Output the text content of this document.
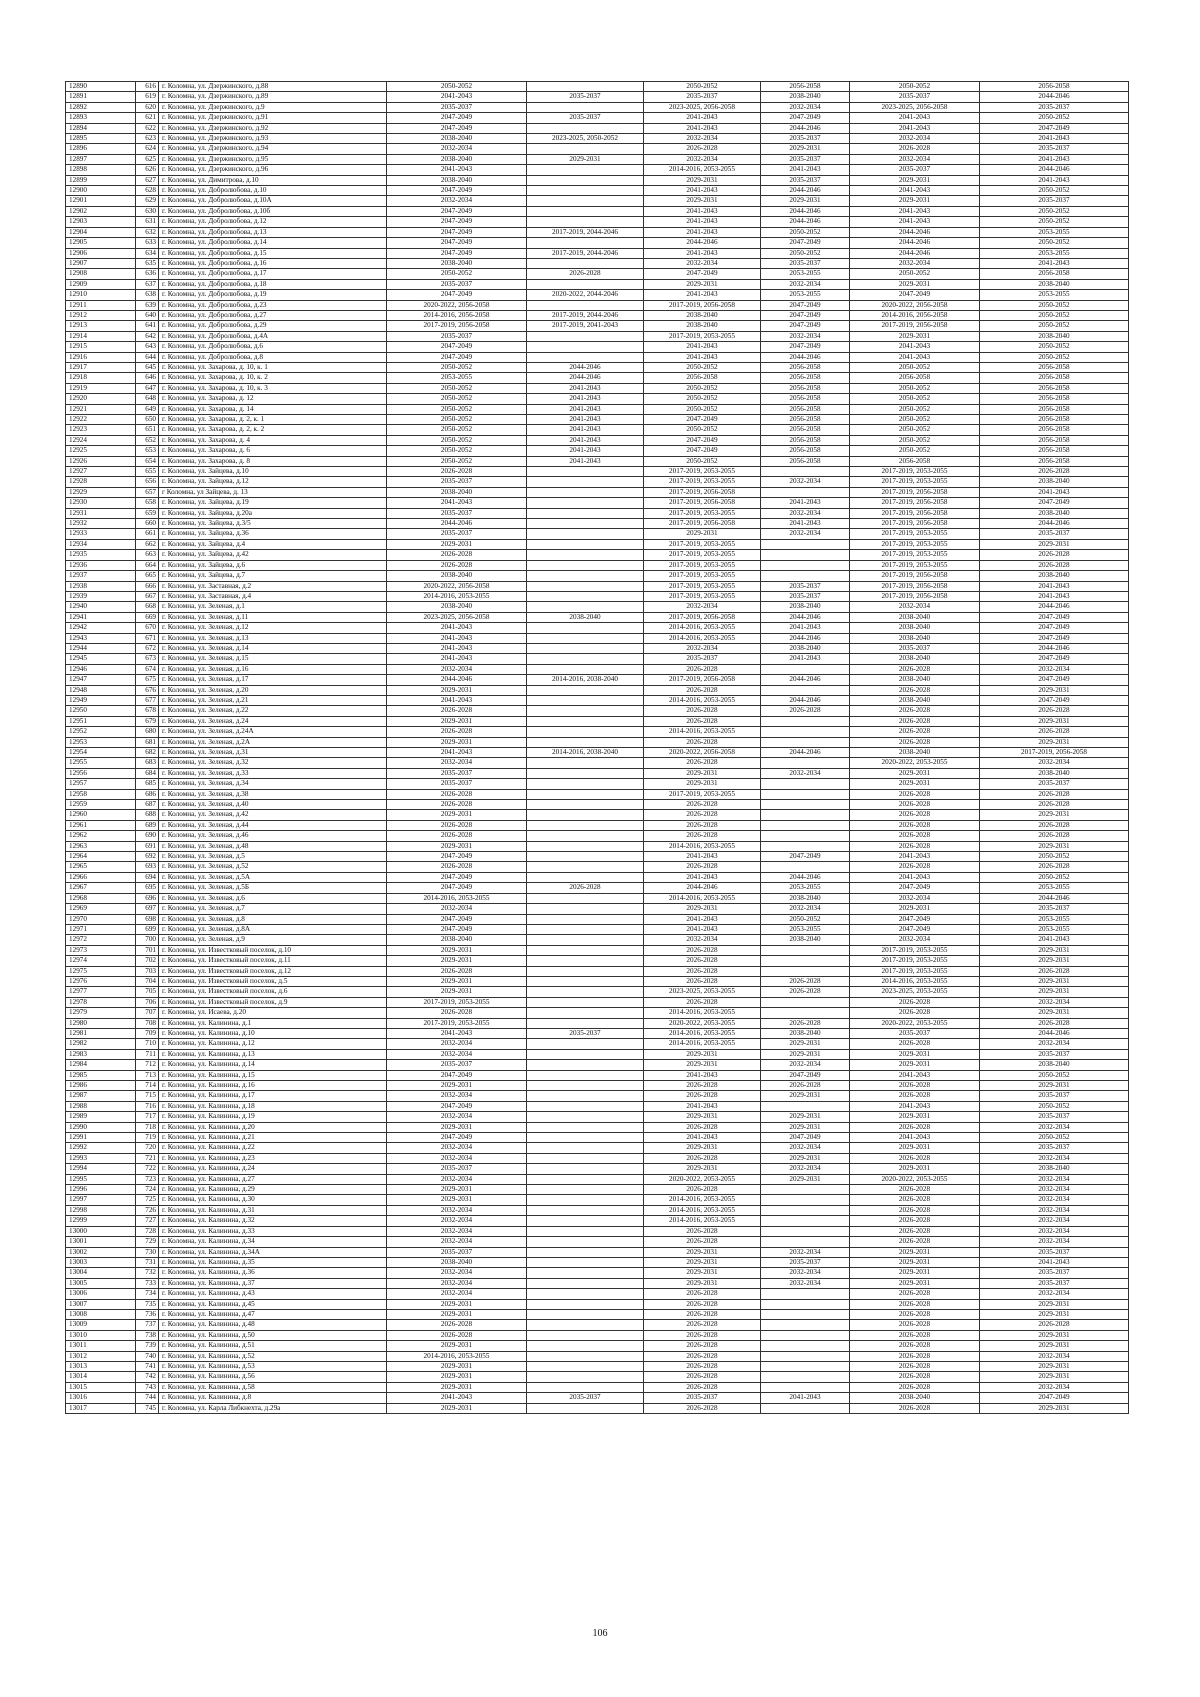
12890	616	г. Коломна, ул. Дзержинского, д.88	2050-2052		2050-2052	2056-2058	2050-2052	2056-2058
12891	619	г. Коломна, ул. Дзержинского, д.89	2041-2043	2035-2037	2035-2037	2038-2040	2035-2037	2044-2046
12892	620	г. Коломна, ул. Дзержинского, д.9	2035-2037		2023-2025, 2056-2058	2032-2034	2023-2025, 2056-2058	2035-2037
12893	621	г. Коломна, ул. Дзержинского, д.91	2047-2049	2035-2037	2041-2043	2047-2049	2041-2043	2050-2052
12894	622	г. Коломна, ул. Дзержинского, д.92	2047-2049		2041-2043	2044-2046	2041-2043	2047-2049
12895	623	г. Коломна, ул. Дзержинского, д.93	2038-2040	2023-2025, 2050-2052	2032-2034	2035-2037	2032-2034	2041-2043
12896	624	г. Коломна, ул. Дзержинского, д.94	2032-2034		2026-2028	2029-2031	2026-2028	2035-2037
12897	625	г. Коломна, ул. Дзержинского, д.95	2038-2040	2029-2031	2032-2034	2035-2037	2032-2034	2041-2043
12898	626	г. Коломна, ул. Дзержинского, д.96	2041-2043		2014-2016, 2053-2055	2041-2043	2035-2037	2044-2046
12899	627	г. Коломна, ул. Димитрова, д.10	2038-2040		2029-2031	2035-2037	2029-2031	2041-2043
12900	628	г. Коломна, ул. Добролюбова, д.10	2047-2049		2041-2043	2044-2046	2041-2043	2050-2052
12901	629	г. Коломна, ул. Добролюбова, д.10А	2032-2034		2029-2031	2029-2031	2029-2031	2035-2037
12902	630	г. Коломна, ул. Добролюбова, д.10б	2047-2049		2041-2043	2044-2046	2041-2043	2050-2052
12903	631	г. Коломна, ул. Добролюбова, д.12	2047-2049		2041-2043	2044-2046	2041-2043	2050-2052
12904	632	г. Коломна, ул. Добролюбова, д.13	2047-2049	2017-2019, 2044-2046	2041-2043	2050-2052	2044-2046	2053-2055
12905	633	г. Коломна, ул. Добролюбова, д.14	2047-2049		2044-2046	2047-2049	2044-2046	2050-2052
12906	634	г. Коломна, ул. Добролюбова, д.15	2047-2049	2017-2019, 2044-2046	2041-2043	2050-2052	2044-2046	2053-2055
12907	635	г. Коломна, ул. Добролюбова, д.16	2038-2040		2032-2034	2035-2037	2032-2034	2041-2043
12908	636	г. Коломна, ул. Добролюбова, д.17	2050-2052	2026-2028	2047-2049	2053-2055	2050-2052	2056-2058
12909	637	г. Коломна, ул. Добролюбова, д.18	2035-2037		2029-2031	2032-2034	2029-2031	2038-2040
12910	638	г. Коломна, ул. Добролюбова, д.19	2047-2049	2020-2022, 2044-2046	2041-2043	2053-2055	2047-2049	2053-2055
12911	639	г. Коломна, ул. Добролюбова, д.23	2020-2022, 2056-2058		2017-2019, 2056-2058	2047-2049	2020-2022, 2056-2058	2050-2052
12912	640	г. Коломна, ул. Добролюбова, д.27	2014-2016, 2056-2058	2017-2019, 2044-2046	2038-2040	2047-2049	2014-2016, 2056-2058	2050-2052
12913	641	г. Коломна, ул. Добролюбова, д.29	2017-2019, 2056-2058	2017-2019, 2041-2043	2038-2040	2047-2049	2017-2019, 2056-2058	2050-2052
12914	642	г. Коломна, ул. Добролюбова, д.4А	2035-2037		2017-2019, 2053-2055	2032-2034	2029-2031	2038-2040
12915	643	г. Коломна, ул. Добролюбова, д.6	2047-2049		2041-2043	2047-2049	2041-2043	2050-2052
12916	644	г. Коломна, ул. Добролюбова, д.8	2047-2049		2041-2043	2044-2046	2041-2043	2050-2052
12917	645	г. Коломна, ул. Захарова, д. 10, к. 1	2050-2052	2044-2046	2050-2052	2056-2058	2050-2052	2056-2058
12918	646	г. Коломна, ул. Захарова, д. 10, к. 2	2053-2055	2044-2046	2056-2058	2056-2058	2056-2058	2056-2058
12919	647	г. Коломна, ул. Захарова, д. 10, к. 3	2050-2052	2041-2043	2050-2052	2056-2058	2050-2052	2056-2058
12920	648	г. Коломна, ул. Захарова, д. 12	2050-2052	2041-2043	2050-2052	2056-2058	2050-2052	2056-2058
12921	649	г. Коломна, ул. Захарова, д. 14	2050-2052	2041-2043	2050-2052	2056-2058	2050-2052	2056-2058
12922	650	г. Коломна, ул. Захарова, д. 2, к. 1	2050-2052	2041-2043	2047-2049	2056-2058	2050-2052	2056-2058
12923	651	г. Коломна, ул. Захарова, д. 2, к. 2	2050-2052	2041-2043	2050-2052	2056-2058	2050-2052	2056-2058
12924	652	г. Коломна, ул. Захарова, д. 4	2050-2052	2041-2043	2047-2049	2056-2058	2050-2052	2056-2058
12925	653	г. Коломна, ул. Захарова, д. 6	2050-2052	2041-2043	2047-2049	2056-2058	2050-2052	2056-2058
12926	654	г. Коломна, ул. Захарова, д. 8	2050-2052	2041-2043	2050-2052	2056-2058	2056-2058	2056-2058
12927	655	г. Коломна, ул. Зайцева, д.10	2026-2028		2017-2019, 2053-2055		2017-2019, 2053-2055	2026-2028
12928	656	г. Коломна, ул. Зайцева, д.12	2035-2037		2017-2019, 2053-2055	2032-2034	2017-2019, 2053-2055	2038-2040
12929	657	г Коломна, ул Зайцева, д. 13	2038-2040		2017-2019, 2056-2058		2017-2019, 2056-2058	2041-2043
12930	658	г. Коломна, ул. Зайцева, д.19	2041-2043		2017-2019, 2056-2058	2041-2043	2017-2019, 2056-2058	2047-2049
12931	659	г. Коломна, ул. Зайцева, д.20а	2035-2037		2017-2019, 2053-2055	2032-2034	2017-2019, 2056-2058	2038-2040
12932	660	г. Коломна, ул. Зайцева, д.3/5	2044-2046		2017-2019, 2056-2058	2041-2043	2017-2019, 2056-2058	2044-2046
12933	661	г. Коломна, ул. Зайцева, д.36	2035-2037		2029-2031	2032-2034	2017-2019, 2053-2055	2035-2037
12934	662	г. Коломна, ул. Зайцева, д.4	2029-2031		2017-2019, 2053-2055		2017-2019, 2053-2055	2029-2031
12935	663	г. Коломна, ул. Зайцева, д.42	2026-2028		2017-2019, 2053-2055		2017-2019, 2053-2055	2026-2028
12936	664	г. Коломна, ул. Зайцева, д.6	2026-2028		2017-2019, 2053-2055		2017-2019, 2053-2055	2026-2028
12937	665	г. Коломна, ул. Зайцева, д.7	2038-2040		2017-2019, 2053-2055		2017-2019, 2056-2058	2038-2040
12938	666	г. Коломна, ул. Заставная, д.2	2020-2022, 2056-2058		2017-2019, 2053-2055	2035-2037	2017-2019, 2056-2058	2041-2043
12939	667	г. Коломна, ул. Заставная, д.4	2014-2016, 2053-2055		2017-2019, 2053-2055	2035-2037	2017-2019, 2056-2058	2041-2043
12940	668	г. Коломна, ул. Зеленая, д.1	2038-2040		2032-2034	2038-2040	2032-2034	2044-2046
12941	669	г. Коломна, ул. Зеленая, д.11	2023-2025, 2056-2058	2038-2040	2017-2019, 2056-2058	2044-2046	2038-2040	2047-2049
12942	670	г. Коломна, ул. Зеленая, д.12	2041-2043		2014-2016, 2053-2055	2041-2043	2038-2040	2047-2049
12943	671	г. Коломна, ул. Зеленая, д.13	2041-2043		2014-2016, 2053-2055	2044-2046	2038-2040	2047-2049
12944	672	г. Коломна, ул. Зеленая, д.14	2041-2043		2032-2034	2038-2040	2035-2037	2044-2046
12945	673	г. Коломна, ул. Зеленая, д.15	2041-2043		2035-2037	2041-2043	2038-2040	2047-2049
12946	674	г. Коломна, ул. Зеленая, д.16	2032-2034		2026-2028		2026-2028	2032-2034
12947	675	г. Коломна, ул. Зеленая, д.17	2044-2046	2014-2016, 2038-2040	2017-2019, 2056-2058	2044-2046	2038-2040	2047-2049
12948	676	г. Коломна, ул. Зеленая, д.20	2029-2031		2026-2028		2026-2028	2029-2031
12949	677	г. Коломна, ул. Зеленая, д.21	2041-2043		2014-2016, 2053-2055	2044-2046	2038-2040	2047-2049
12950	678	г. Коломна, ул. Зеленая, д.22	2026-2028		2026-2028	2026-2028	2026-2028	2026-2028
12951	679	г. Коломна, ул. Зеленая, д.24	2029-2031		2026-2028		2026-2028	2029-2031
12952	680	г. Коломна, ул. Зеленая, д.24А	2026-2028		2014-2016, 2053-2055		2026-2028	2026-2028
12953	681	г. Коломна, ул. Зеленая, д.2А	2029-2031		2026-2028		2026-2028	2029-2031
12954	682	г. Коломна, ул. Зеленая, д.31	2041-2043	2014-2016, 2038-2040	2020-2022, 2056-2058	2044-2046	2038-2040	2017-2019, 2056-2058
12955	683	г. Коломна, ул. Зеленая, д.32	2032-2034		2026-2028		2020-2022, 2053-2055	2032-2034
12956	684	г. Коломна, ул. Зеленая, д.33	2035-2037		2029-2031	2032-2034	2029-2031	2038-2040
12957	685	г. Коломна, ул. Зеленая, д.34	2035-2037		2029-2031		2029-2031	2035-2037
12958	686	г. Коломна, ул. Зеленая, д.38	2026-2028		2017-2019, 2053-2055		2026-2028	2026-2028
12959	687	г. Коломна, ул. Зеленая, д.40	2026-2028		2026-2028		2026-2028	2026-2028
12960	688	г. Коломна, ул. Зеленая, д.42	2029-2031		2026-2028		2026-2028	2029-2031
12961	689	г. Коломна, ул. Зеленая, д.44	2026-2028		2026-2028		2026-2028	2026-2028
12962	690	г. Коломна, ул. Зеленая, д.46	2026-2028		2026-2028		2026-2028	2026-2028
12963	691	г. Коломна, ул. Зеленая, д.48	2029-2031		2014-2016, 2053-2055		2026-2028	2029-2031
12964	692	г. Коломна, ул. Зеленая, д.5	2047-2049		2041-2043	2047-2049	2041-2043	2050-2052
12965	693	г. Коломна, ул. Зеленая, д.52	2026-2028		2026-2028		2026-2028	2026-2028
12966	694	г. Коломна, ул. Зеленая, д.5А	2047-2049		2041-2043	2044-2046	2041-2043	2050-2052
12967	695	г. Коломна, ул. Зеленая, д.5Б	2047-2049	2026-2028	2044-2046	2053-2055	2047-2049	2053-2055
12968	696	г. Коломна, ул. Зеленая, д.6	2014-2016, 2053-2055		2014-2016, 2053-2055	2038-2040	2032-2034	2044-2046
12969	697	г. Коломна, ул. Зеленая, д.7	2032-2034		2029-2031	2032-2034	2029-2031	2035-2037
12970	698	г. Коломна, ул. Зеленая, д.8	2047-2049		2041-2043	2050-2052	2047-2049	2053-2055
12971	699	г. Коломна, ул. Зеленая, д.8А	2047-2049		2041-2043	2053-2055	2047-2049	2053-2055
12972	700	г. Коломна, ул. Зеленая, д.9	2038-2040		2032-2034	2038-2040	2032-2034	2041-2043
12973	701	г. Коломна, ул. Известковый поселок, д.10	2029-2031		2026-2028		2017-2019, 2053-2055	2029-2031
12974	702	г. Коломна, ул. Известковый поселок, д.11	2029-2031		2026-2028		2017-2019, 2053-2055	2029-2031
12975	703	г. Коломна, ул. Известковый поселок, д.12	2026-2028		2026-2028		2017-2019, 2053-2055	2026-2028
12976	704	г. Коломна, ул. Известковый поселок, д.5	2029-2031		2026-2028	2026-2028	2014-2016, 2053-2055	2029-2031
12977	705	г. Коломна, ул. Известковый поселок, д.6	2029-2031		2023-2025, 2053-2055	2026-2028	2023-2025, 2053-2055	2029-2031
12978	706	г. Коломна, ул. Известковый поселок, д.9	2017-2019, 2053-2055		2026-2028		2026-2028	2032-2034
12979	707	г. Коломна, ул. Исаева, д.20	2026-2028		2014-2016, 2053-2055		2026-2028	2029-2031
12980	708	г. Коломна, ул. Калинина, д.1	2017-2019, 2053-2055		2020-2022, 2053-2055	2026-2028	2020-2022, 2053-2055	2026-2028
12981	709	г. Коломна, ул. Калинина, д.10	2041-2043	2035-2037	2014-2016, 2053-2055	2038-2040	2035-2037	2044-2046
12982	710	г. Коломна, ул. Калинина, д.12	2032-2034		2014-2016, 2053-2055	2029-2031	2026-2028	2032-2034
12983	711	г. Коломна, ул. Калинина, д.13	2032-2034		2029-2031	2029-2031	2029-2031	2035-2037
12984	712	г. Коломна, ул. Калинина, д.14	2035-2037		2029-2031	2032-2034	2029-2031	2038-2040
12985	713	г. Коломна, ул. Калинина, д.15	2047-2049		2041-2043	2047-2049	2041-2043	2050-2052
12986	714	г. Коломна, ул. Калинина, д.16	2029-2031		2026-2028	2026-2028	2026-2028	2029-2031
12987	715	г. Коломна, ул. Калинина, д.17	2032-2034		2026-2028	2029-2031	2026-2028	2035-2037
12988	716	г. Коломна, ул. Калинина, д.18	2047-2049		2041-2043		2041-2043	2050-2052
12989	717	г. Коломна, ул. Калинина, д.19	2032-2034		2029-2031	2029-2031	2029-2031	2035-2037
12990	718	г. Коломна, ул. Калинина, д.20	2029-2031		2026-2028	2029-2031	2026-2028	2032-2034
12991	719	г. Коломна, ул. Калинина, д.21	2047-2049		2041-2043	2047-2049	2041-2043	2050-2052
12992	720	г. Коломна, ул. Калинина, д.22	2032-2034		2029-2031	2032-2034	2029-2031	2035-2037
12993	721	г. Коломна, ул. Калинина, д.23	2032-2034		2026-2028	2029-2031	2026-2028	2032-2034
12994	722	г. Коломна, ул. Калинина, д.24	2035-2037		2029-2031	2032-2034	2029-2031	2038-2040
12995	723	г. Коломна, ул. Калинина, д.27	2032-2034		2020-2022, 2053-2055	2029-2031	2020-2022, 2053-2055	2032-2034
12996	724	г. Коломна, ул. Калинина, д.29	2029-2031		2026-2028		2026-2028	2032-2034
12997	725	г. Коломна, ул. Калинина, д.30	2029-2031		2014-2016, 2053-2055		2026-2028	2032-2034
12998	726	г. Коломна, ул. Калинина, д.31	2032-2034		2014-2016, 2053-2055		2026-2028	2032-2034
12999	727	г. Коломна, ул. Калинина, д.32	2032-2034		2014-2016, 2053-2055		2026-2028	2032-2034
13000	728	г. Коломна, ул. Калинина, д.33	2032-2034		2026-2028		2026-2028	2032-2034
13001	729	г. Коломна, ул. Калинина, д.34	2032-2034		2026-2028		2026-2028	2032-2034
13002	730	г. Коломна, ул. Калинина, д.34А	2035-2037		2029-2031	2032-2034	2029-2031	2035-2037
13003	731	г. Коломна, ул. Калинина, д.35	2038-2040		2029-2031	2035-2037	2029-2031	2041-2043
13004	732	г. Коломна, ул. Калинина, д.36	2032-2034		2029-2031	2032-2034	2029-2031	2035-2037
13005	733	г. Коломна, ул. Калинина, д.37	2032-2034		2029-2031	2032-2034	2029-2031	2035-2037
13006	734	г. Коломна, ул. Калинина, д.43	2032-2034		2026-2028		2026-2028	2032-2034
13007	735	г. Коломна, ул. Калинина, д.45	2029-2031		2026-2028		2026-2028	2029-2031
13008	736	г. Коломна, ул. Калинина, д.47	2029-2031		2026-2028		2026-2028	2029-2031
13009	737	г. Коломна, ул. Калинина, д.48	2026-2028		2026-2028		2026-2028	2026-2028
13010	738	г. Коломна, ул. Калинина, д.50	2026-2028		2026-2028		2026-2028	2029-2031
13011	739	г. Коломна, ул. Калинина, д.51	2029-2031		2026-2028		2026-2028	2029-2031
13012	740	г. Коломна, ул. Калинина, д.52	2014-2016, 2053-2055		2026-2028		2026-2028	2032-2034
13013	741	г. Коломна, ул. Калинина, д.53	2029-2031		2026-2028		2026-2028	2029-2031
13014	742	г. Коломна, ул. Калинина, д.56	2029-2031		2026-2028		2026-2028	2029-2031
13015	743	г. Коломна, ул. Калинина, д.58	2029-2031		2026-2028		2026-2028	2032-2034
13016	744	г. Коломна, ул. Калинина, д.8	2041-2043	2035-2037	2035-2037	2041-2043	2038-2040	2047-2049
13017	745	г. Коломна, ул. Карла Либкнехта, д.29а	2029-2031		2026-2028		2026-2028	2029-2031
106
